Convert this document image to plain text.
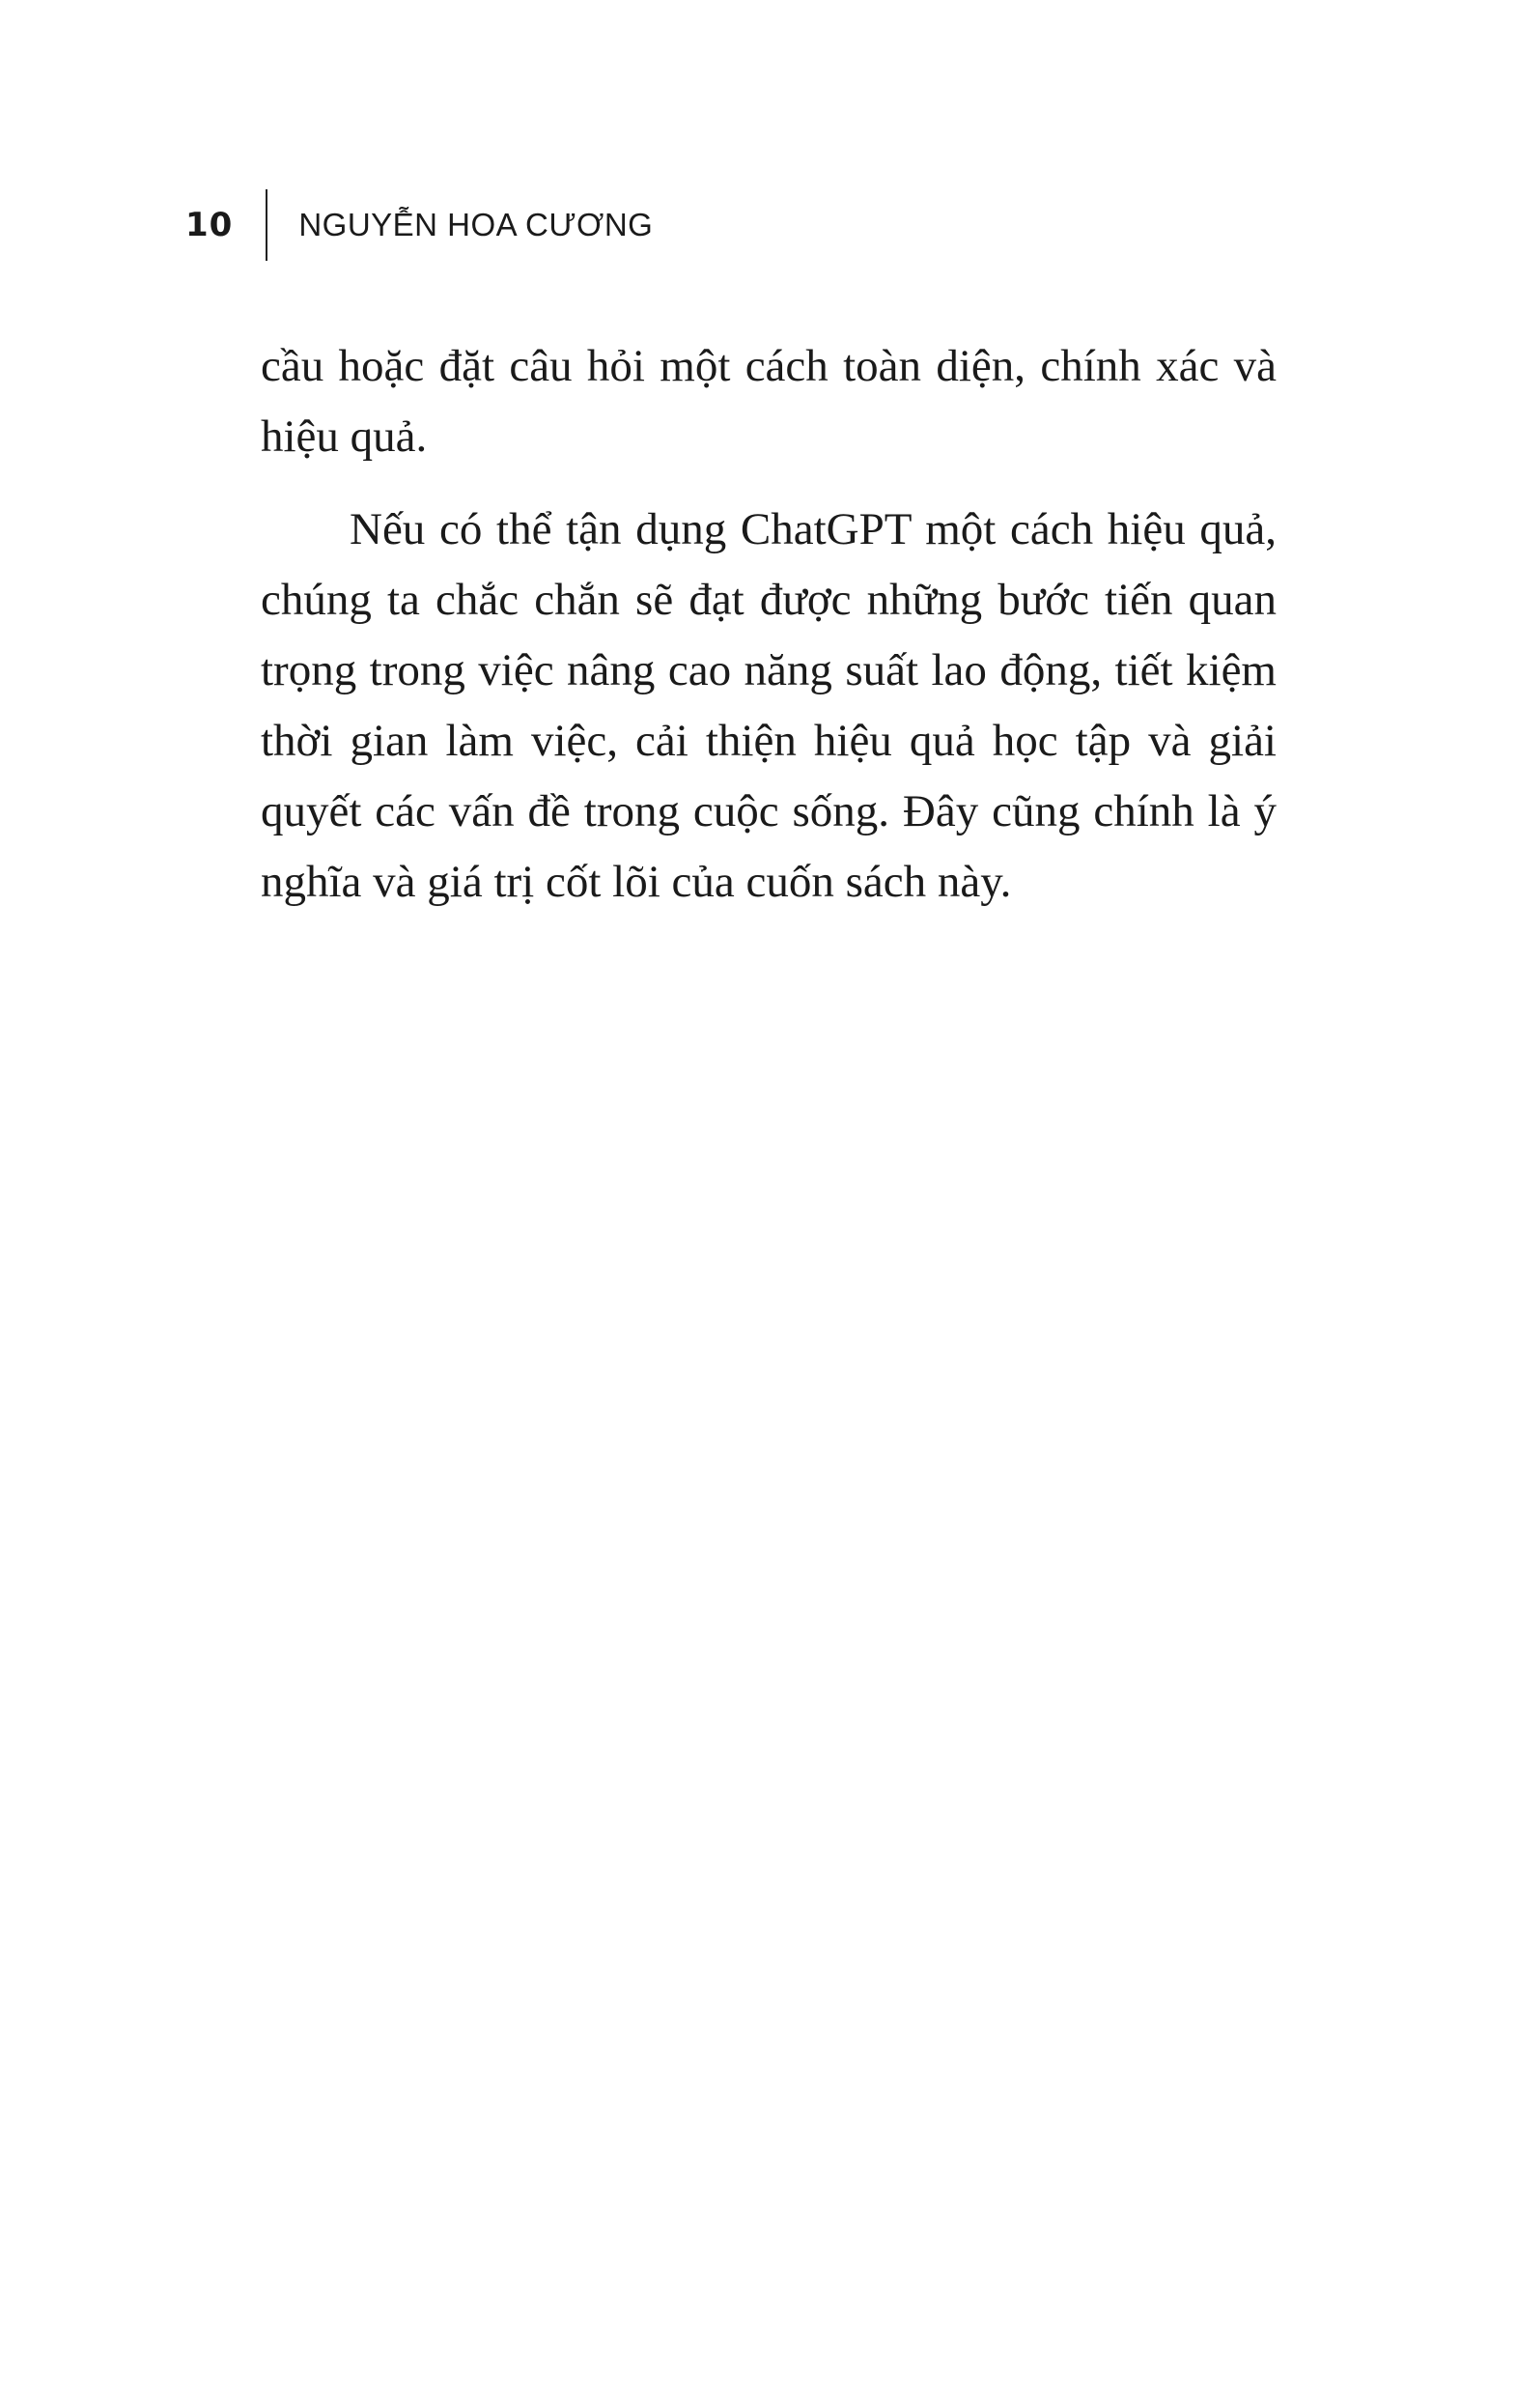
10 NGUYỄN HOA CƯƠNG

cầu hoặc đặt câu hỏi một cách toàn diện, chính xác và hiệu quả.

Nếu có thể tận dụng ChatGPT một cách hiệu quả, chúng ta chắc chắn sẽ đạt được những bước tiến quan trọng trong việc nâng cao năng suất lao động, tiết kiệm thời gian làm việc, cải thiện hiệu quả học tập và giải quyết các vấn đề trong cuộc sống. Đây cũng chính là ý nghĩa và giá trị cốt lõi của cuốn sách này.
